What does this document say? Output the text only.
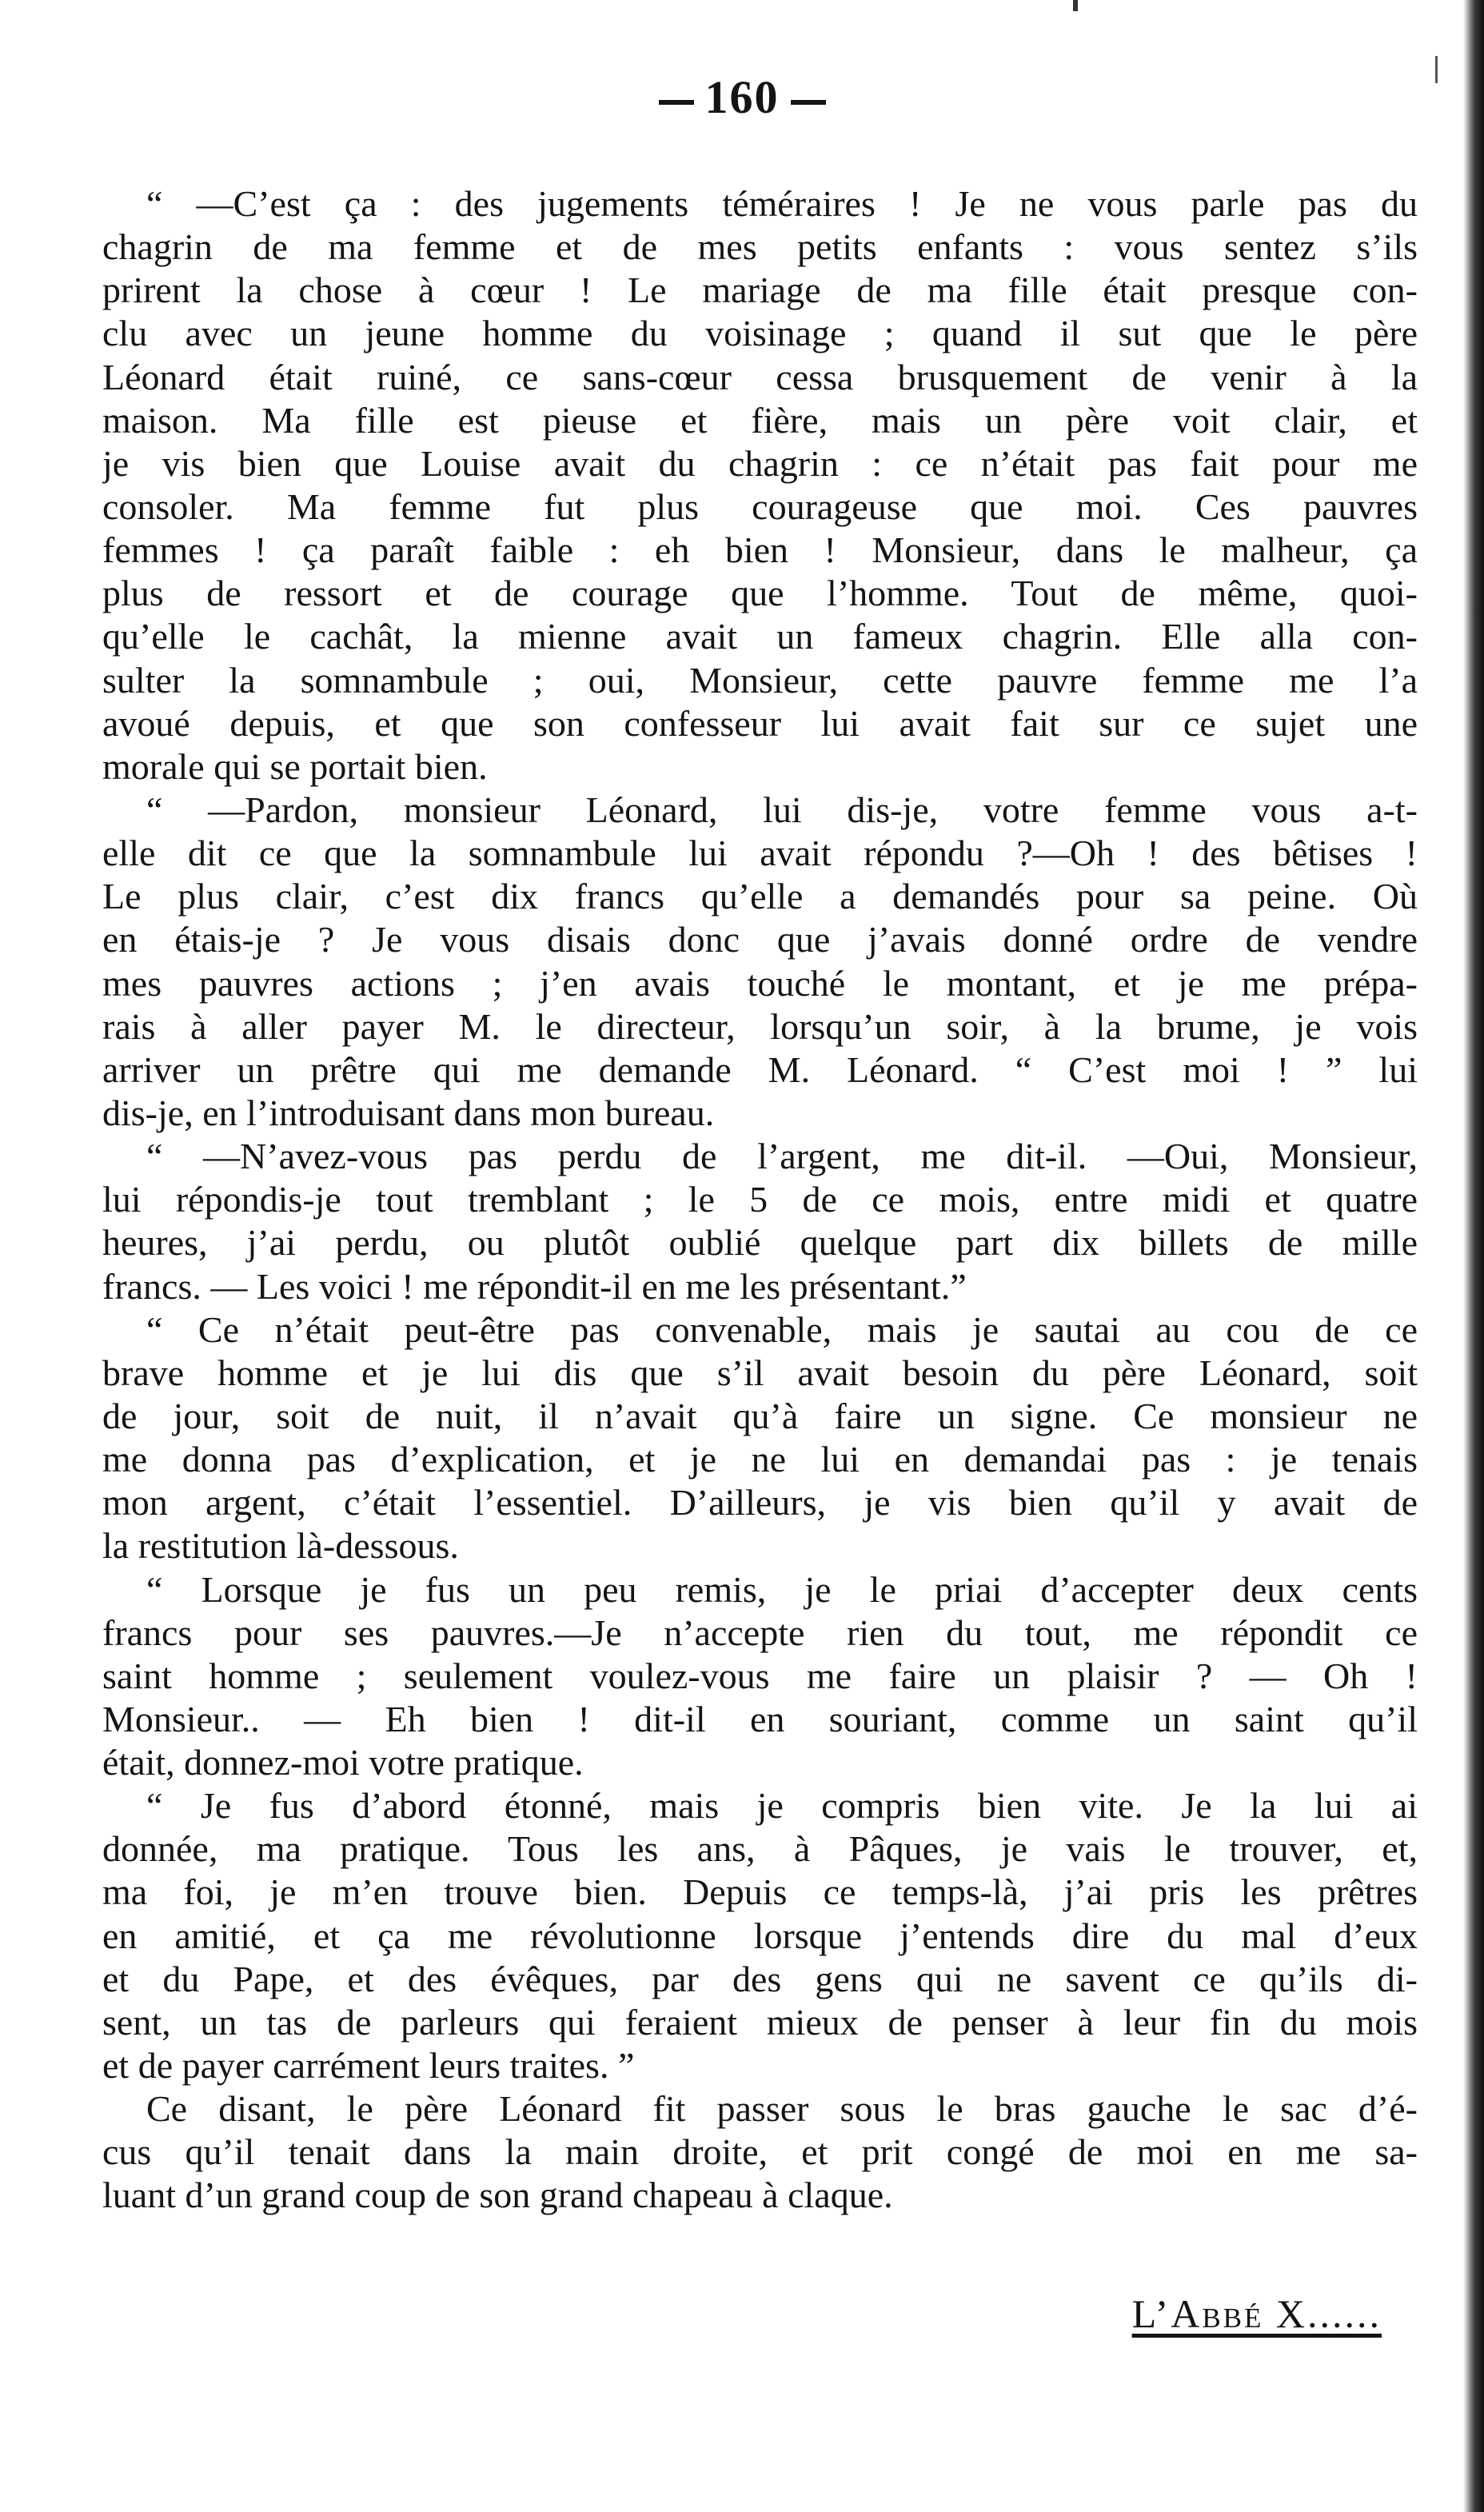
160
“ —C’est ça : des jugements téméraires ! Je ne vous parle pas du
chagrin de ma femme et de mes petits enfants : vous sentez s’ils
prirent la chose à cœur ! Le mariage de ma fille était presque con-
clu avec un jeune homme du voisinage ; quand il sut que le père
Léonard était ruiné, ce sans-cœur cessa brusquement de venir à la
maison. Ma fille est pieuse et fière, mais un père voit clair, et
je vis bien que Louise avait du chagrin : ce n’était pas fait pour me
consoler. Ma femme fut plus courageuse que moi. Ces pauvres
femmes ! ça paraît faible : eh bien ! Monsieur, dans le malheur, ça
plus de ressort et de courage que l’homme. Tout de même, quoi-
qu’elle le cachât, la mienne avait un fameux chagrin. Elle alla con-
sulter la somnambule ; oui, Monsieur, cette pauvre femme me l’a
avoué depuis, et que son confesseur lui avait fait sur ce sujet une
morale qui se portait bien.
“ —Pardon, monsieur Léonard, lui dis-je, votre femme vous a-t-
elle dit ce que la somnambule lui avait répondu ?—Oh ! des bêtises !
Le plus clair, c’est dix francs qu’elle a demandés pour sa peine. Où
en étais-je ? Je vous disais donc que j’avais donné ordre de vendre
mes pauvres actions ; j’en avais touché le montant, et je me prépa-
rais à aller payer M. le directeur, lorsqu’un soir, à la brume, je vois
arriver un prêtre qui me demande M. Léonard. “ C’est moi ! ” lui
dis-je, en l’introduisant dans mon bureau.
“ —N’avez-vous pas perdu de l’argent, me dit-il. —Oui, Monsieur,
lui répondis-je tout tremblant ; le 5 de ce mois, entre midi et quatre
heures, j’ai perdu, ou plutôt oublié quelque part dix billets de mille
francs. — Les voici ! me répondit-il en me les présentant.”
“ Ce n’était peut-être pas convenable, mais je sautai au cou de ce
brave homme et je lui dis que s’il avait besoin du père Léonard, soit
de jour, soit de nuit, il n’avait qu’à faire un signe. Ce monsieur ne
me donna pas d’explication, et je ne lui en demandai pas : je tenais
mon argent, c’était l’essentiel. D’ailleurs, je vis bien qu’il y avait de
la restitution là-dessous.
“ Lorsque je fus un peu remis, je le priai d’accepter deux cents
francs pour ses pauvres.—Je n’accepte rien du tout, me répondit ce
saint homme ; seulement voulez-vous me faire un plaisir ? — Oh !
Monsieur.. — Eh bien ! dit-il en souriant, comme un saint qu’il
était, donnez-moi votre pratique.
“ Je fus d’abord étonné, mais je compris bien vite. Je la lui ai
donnée, ma pratique. Tous les ans, à Pâques, je vais le trouver, et,
ma foi, je m’en trouve bien. Depuis ce temps-là, j’ai pris les prêtres
en amitié, et ça me révolutionne lorsque j’entends dire du mal d’eux
et du Pape, et des évêques, par des gens qui ne savent ce qu’ils di-
sent, un tas de parleurs qui feraient mieux de penser à leur fin du mois
et de payer carrément leurs traites. ”
Ce disant, le père Léonard fit passer sous le bras gauche le sac d’é-
cus qu’il tenait dans la main droite, et prit congé de moi en me sa-
luant d’un grand coup de son grand chapeau à claque.
L’Abbé X......
